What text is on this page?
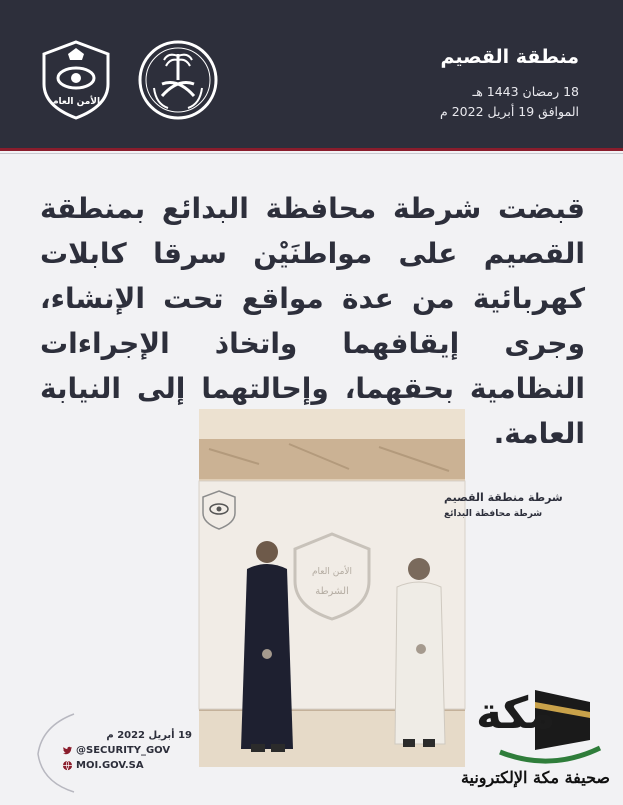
الأمن العام
منطقة القصيم
18 رمضان 1443 هـ
الموافق 19 أبريل 2022 م
قبضت شرطة محافظة البدائع بمنطقة القصيم على مواطنَيْن سرقا كابلات كهربائية من عدة مواقع تحت الإنشاء، وجرى إيقافهما واتخاذ الإجراءات النظامية بحقهما، وإحالتهما إلى النيابة العامة.
شرطة منطقة القصيم
شرطة محافظة البدائع
الأمن العام
الشرطة
19 أبريل 2022 م
@SECURITY_GOV
MOI.GOV.SA
مكة
صحيفة مكة الإلكترونية
